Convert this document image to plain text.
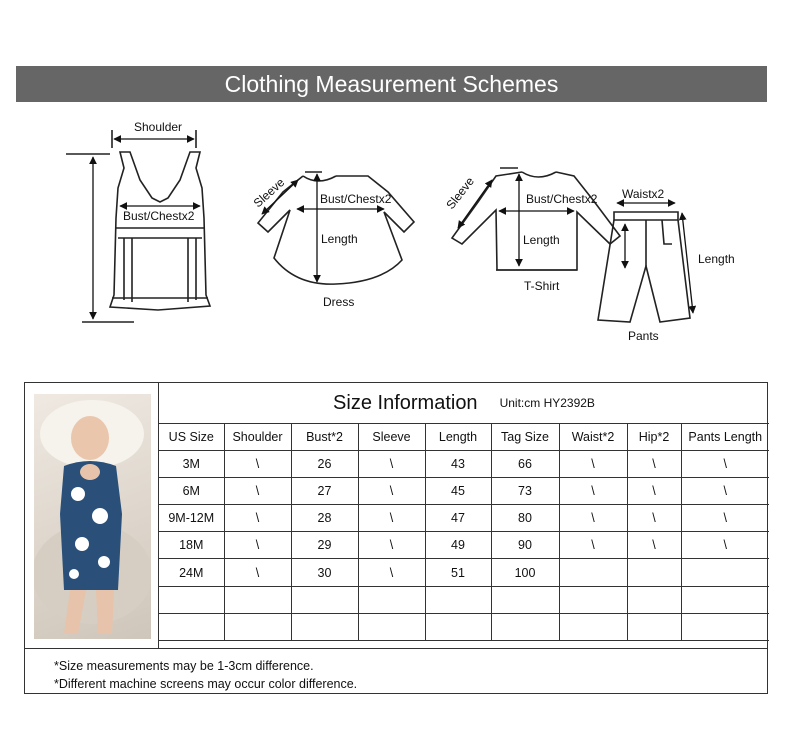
Clothing Measurement Schemes
Shoulder
Bust/Chestx2
Sleeve	Bust/Chestx2
Length
Dress
Sleeve	Bust/Chestx2
Length
T-Shirt
Waistx2
Length
Pants
Size Information Unit:cm HY2392B
US Size	Shoulder	Bust*2	Sleeve	Length	Tag Size	Waist*2	Hip*2	Pants Length
3M	\	26	\	43	66	\	\	\
6M	\	27	\	45	73	\	\	\
9M-12M	\	28	\	47	80	\	\	\
18M	\	29	\	49	90	\	\	\
24M	\	30	\	51	100			

*Size measurements may be 1-3cm difference.
*Different machine screens may occur color difference.
